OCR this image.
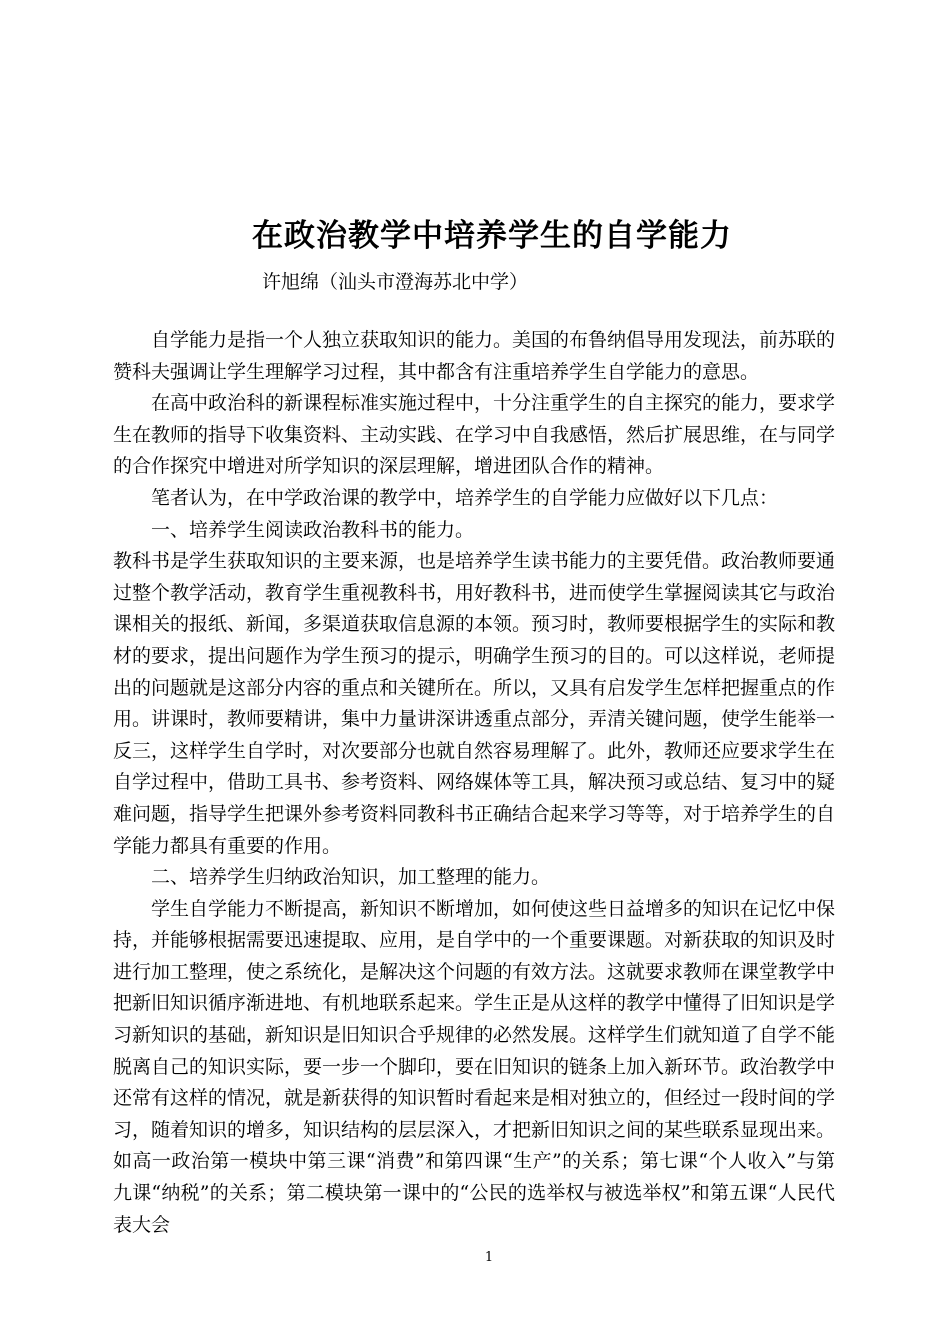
在政治教学中培养学生的自学能力
许旭绵（汕头市澄海苏北中学）

自学能力是指一个人独立获取知识的能力。美国的布鲁纳倡导用发现法，前苏联的赞科夫强调让学生理解学习过程，其中都含有注重培养学生自学能力的意思。

在高中政治科的新课程标准实施过程中，十分注重学生的自主探究的能力，要求学生在教师的指导下收集资料、主动实践、在学习中自我感悟，然后扩展思维，在与同学的合作探究中增进对所学知识的深层理解，增进团队合作的精神。

笔者认为，在中学政治课的教学中，培养学生的自学能力应做好以下几点：

一、培养学生阅读政治教科书的能力。

教科书是学生获取知识的主要来源，也是培养学生读书能力的主要凭借。政治教师要通过整个教学活动，教育学生重视教科书，用好教科书，进而使学生掌握阅读其它与政治课相关的报纸、新闻，多渠道获取信息源的本领。预习时，教师要根据学生的实际和教材的要求，提出问题作为学生预习的提示，明确学生预习的目的。可以这样说，老师提出的问题就是这部分内容的重点和关键所在。所以，又具有启发学生怎样把握重点的作用。讲课时，教师要精讲，集中力量讲深讲透重点部分，弄清关键问题，使学生能举一反三，这样学生自学时，对次要部分也就自然容易理解了。此外，教师还应要求学生在自学过程中，借助工具书、参考资料、网络媒体等工具，解决预习或总结、复习中的疑难问题，指导学生把课外参考资料同教科书正确结合起来学习等等，对于培养学生的自学能力都具有重要的作用。

二、培养学生归纳政治知识，加工整理的能力。

学生自学能力不断提高，新知识不断增加，如何使这些日益增多的知识在记忆中保持，并能够根据需要迅速提取、应用，是自学中的一个重要课题。对新获取的知识及时进行加工整理，使之系统化，是解决这个问题的有效方法。这就要求教师在课堂教学中把新旧知识循序渐进地、有机地联系起来。学生正是从这样的教学中懂得了旧知识是学习新知识的基础，新知识是旧知识合乎规律的必然发展。这样学生们就知道了自学不能脱离自己的知识实际，要一步一个脚印，要在旧知识的链条上加入新环节。政治教学中还常有这样的情况，就是新获得的知识暂时看起来是相对独立的，但经过一段时间的学习，随着知识的增多，知识结构的层层深入，才把新旧知识之间的某些联系显现出来。如高一政治第一模块中第三课“消费”和第四课“生产”的关系；第七课“个人收入”与第九课“纳税”的关系；第二模块第一课中的“公民的选举权与被选举权”和第五课“人民代表大会

1
